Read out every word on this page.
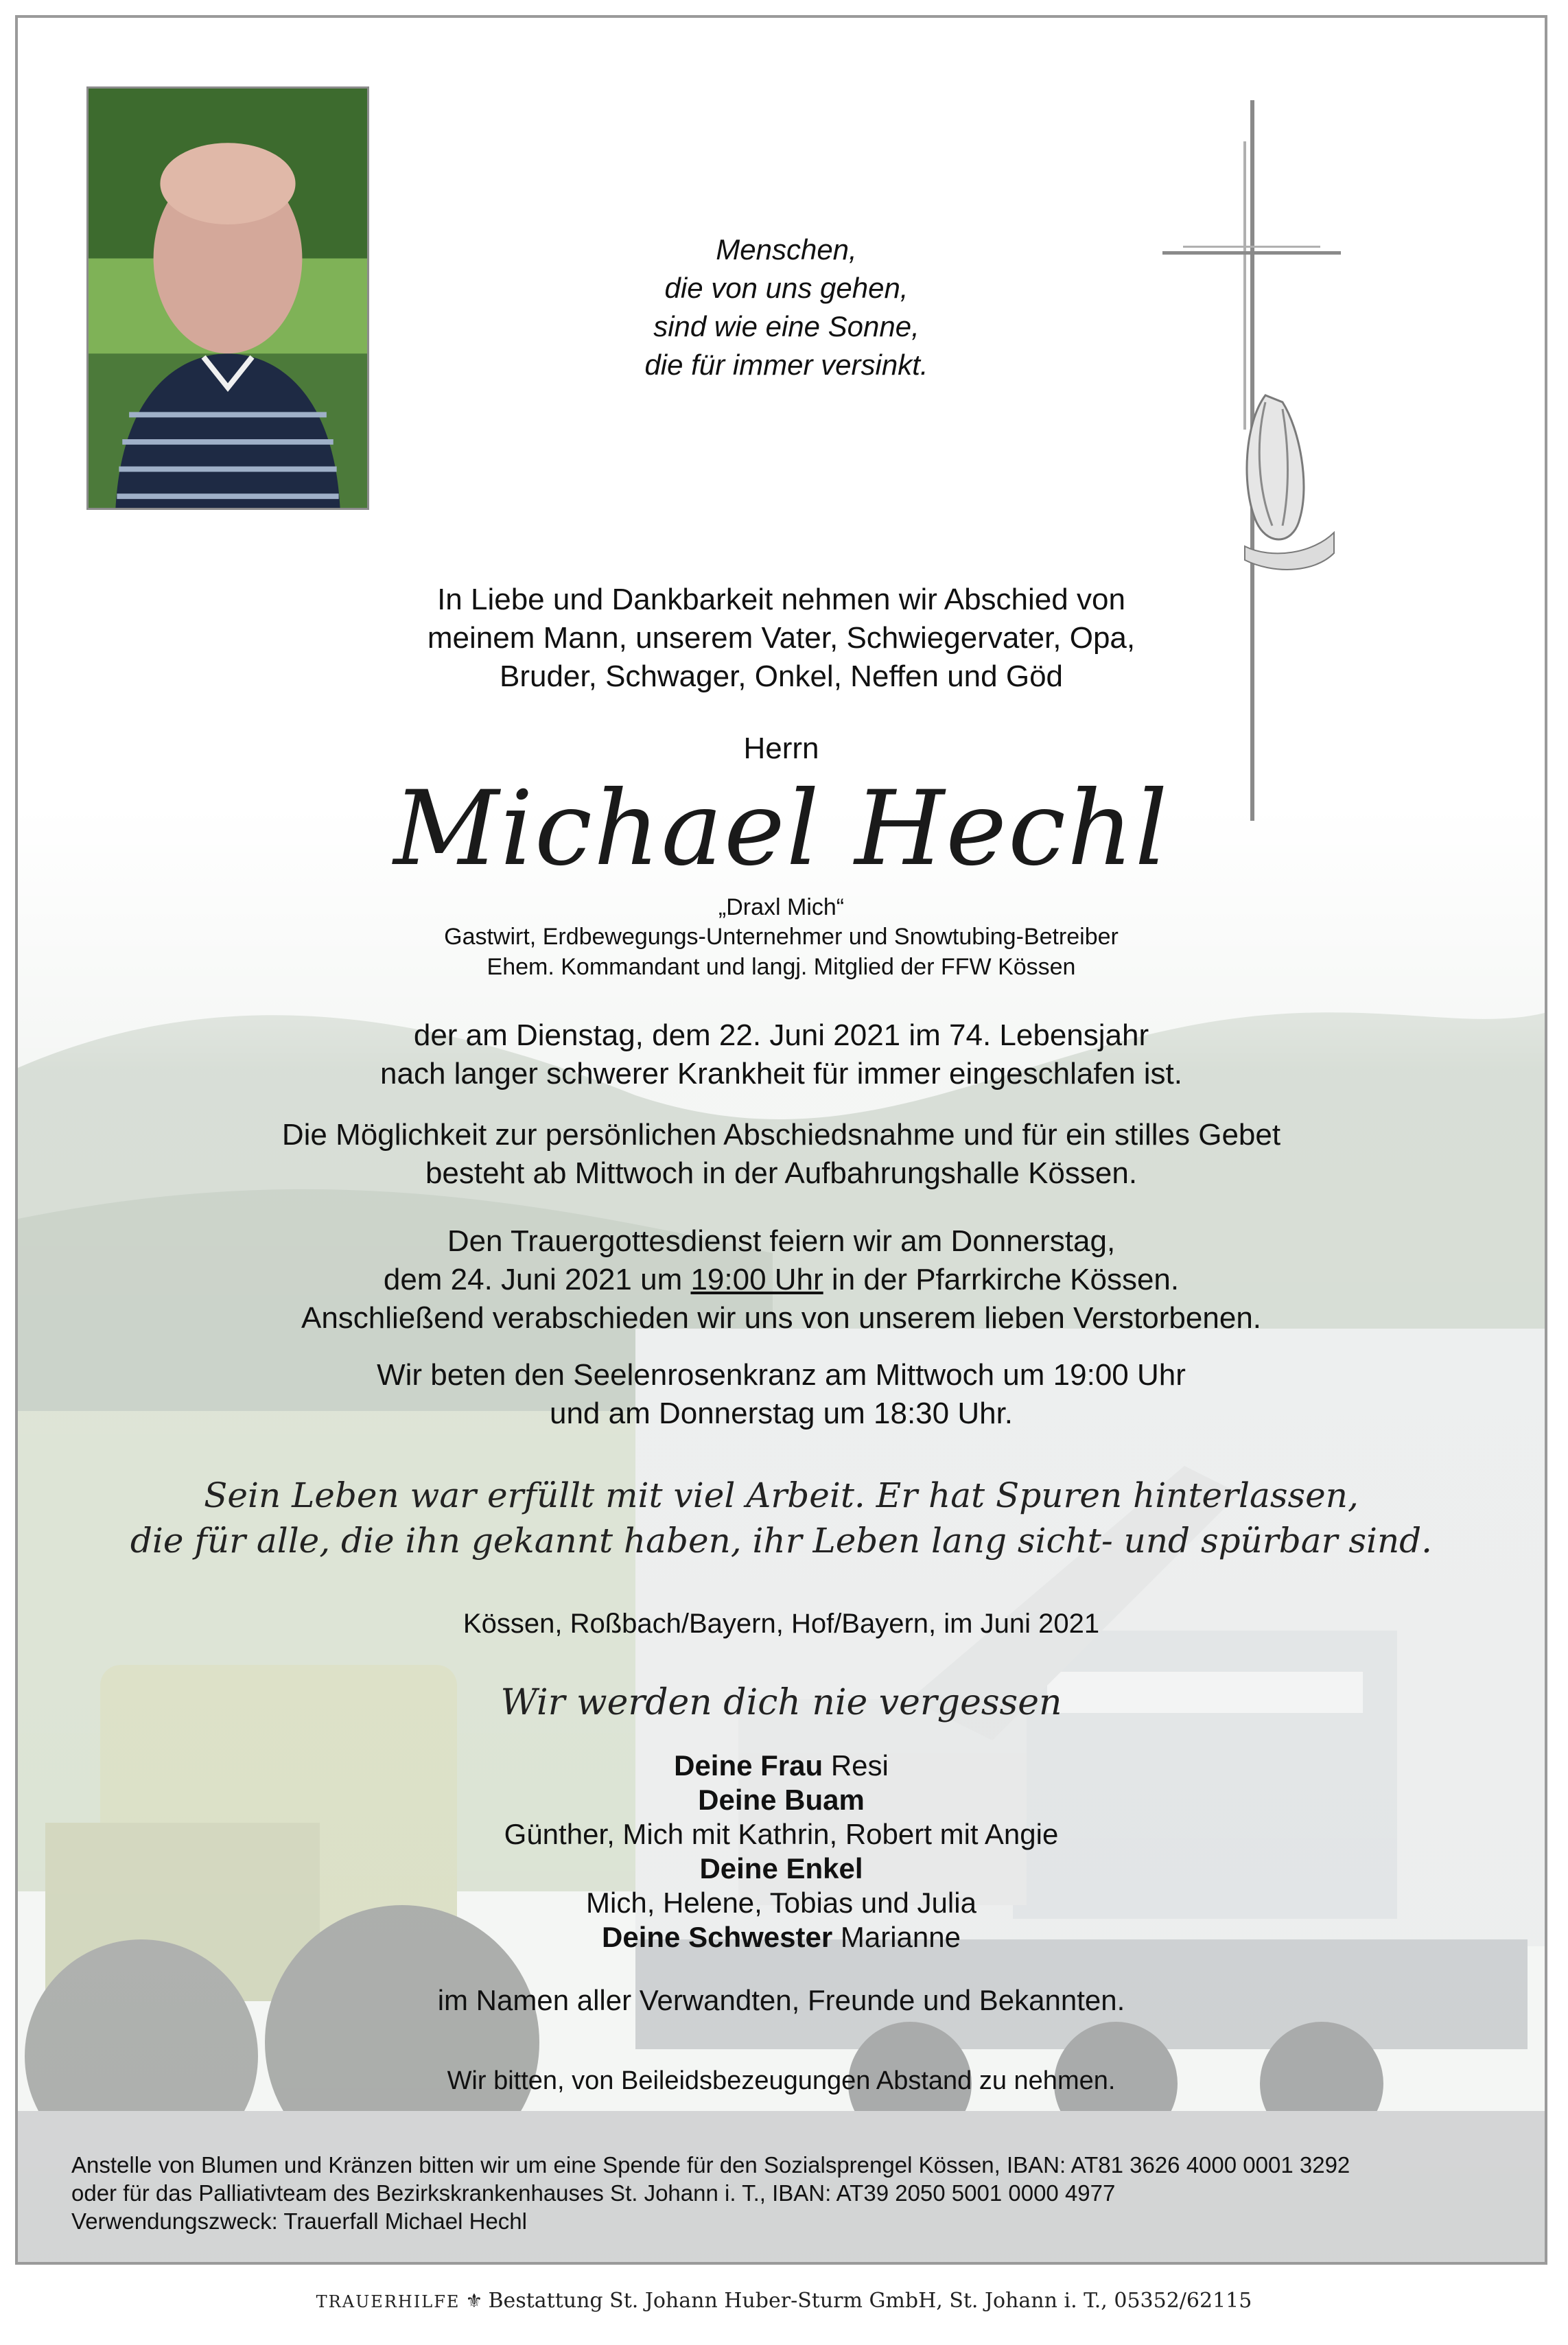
Menschen,
die von uns gehen,
sind wie eine Sonne,
die für immer versinkt.
In Liebe und Dankbarkeit nehmen wir Abschied von
meinem Mann, unserem Vater, Schwiegervater, Opa,
Bruder, Schwager, Onkel, Neffen und Göd
Herrn
Michael Hechl
„Draxl Mich“
Gastwirt, Erdbewegungs-Unternehmer und Snowtubing-Betreiber
Ehem. Kommandant und langj. Mitglied der FFW Kössen
der am Dienstag, dem 22. Juni 2021 im 74. Lebensjahr
nach langer schwerer Krankheit für immer eingeschlafen ist.
Die Möglichkeit zur persönlichen Abschiedsnahme und für ein stilles Gebet
besteht ab Mittwoch in der Aufbahrungshalle Kössen.
Den Trauergottesdienst feiern wir am Donnerstag,
dem 24. Juni 2021 um 19:00 Uhr in der Pfarrkirche Kössen.
Anschließend verabschieden wir uns von unserem lieben Verstorbenen.
Wir beten den Seelenrosenkranz am Mittwoch um 19:00 Uhr
und am Donnerstag um 18:30 Uhr.
Sein Leben war erfüllt mit viel Arbeit. Er hat Spuren hinterlassen,
die für alle, die ihn gekannt haben, ihr Leben lang sicht- und spürbar sind.
Kössen, Roßbach/Bayern, Hof/Bayern, im Juni 2021
Wir werden dich nie vergessen
Deine Frau Resi
Deine Buam
Günther, Mich mit Kathrin, Robert mit Angie
Deine Enkel
Mich, Helene, Tobias und Julia
Deine Schwester Marianne
im Namen aller Verwandten, Freunde und Bekannten.
Wir bitten, von Beileidsbezeugungen Abstand zu nehmen.
Anstelle von Blumen und Kränzen bitten wir um eine Spende für den Sozialsprengel Kössen, IBAN: AT81 3626 4000 0001 3292
oder für das Palliativteam des Bezirkskrankenhauses St. Johann i. T., IBAN: AT39 2050 5001 0000 4977
Verwendungszweck: Trauerfall Michael Hechl
TRAUERHILFE ⚜ Bestattung St. Johann Huber-Sturm GmbH, St. Johann i. T., 05352/62115
